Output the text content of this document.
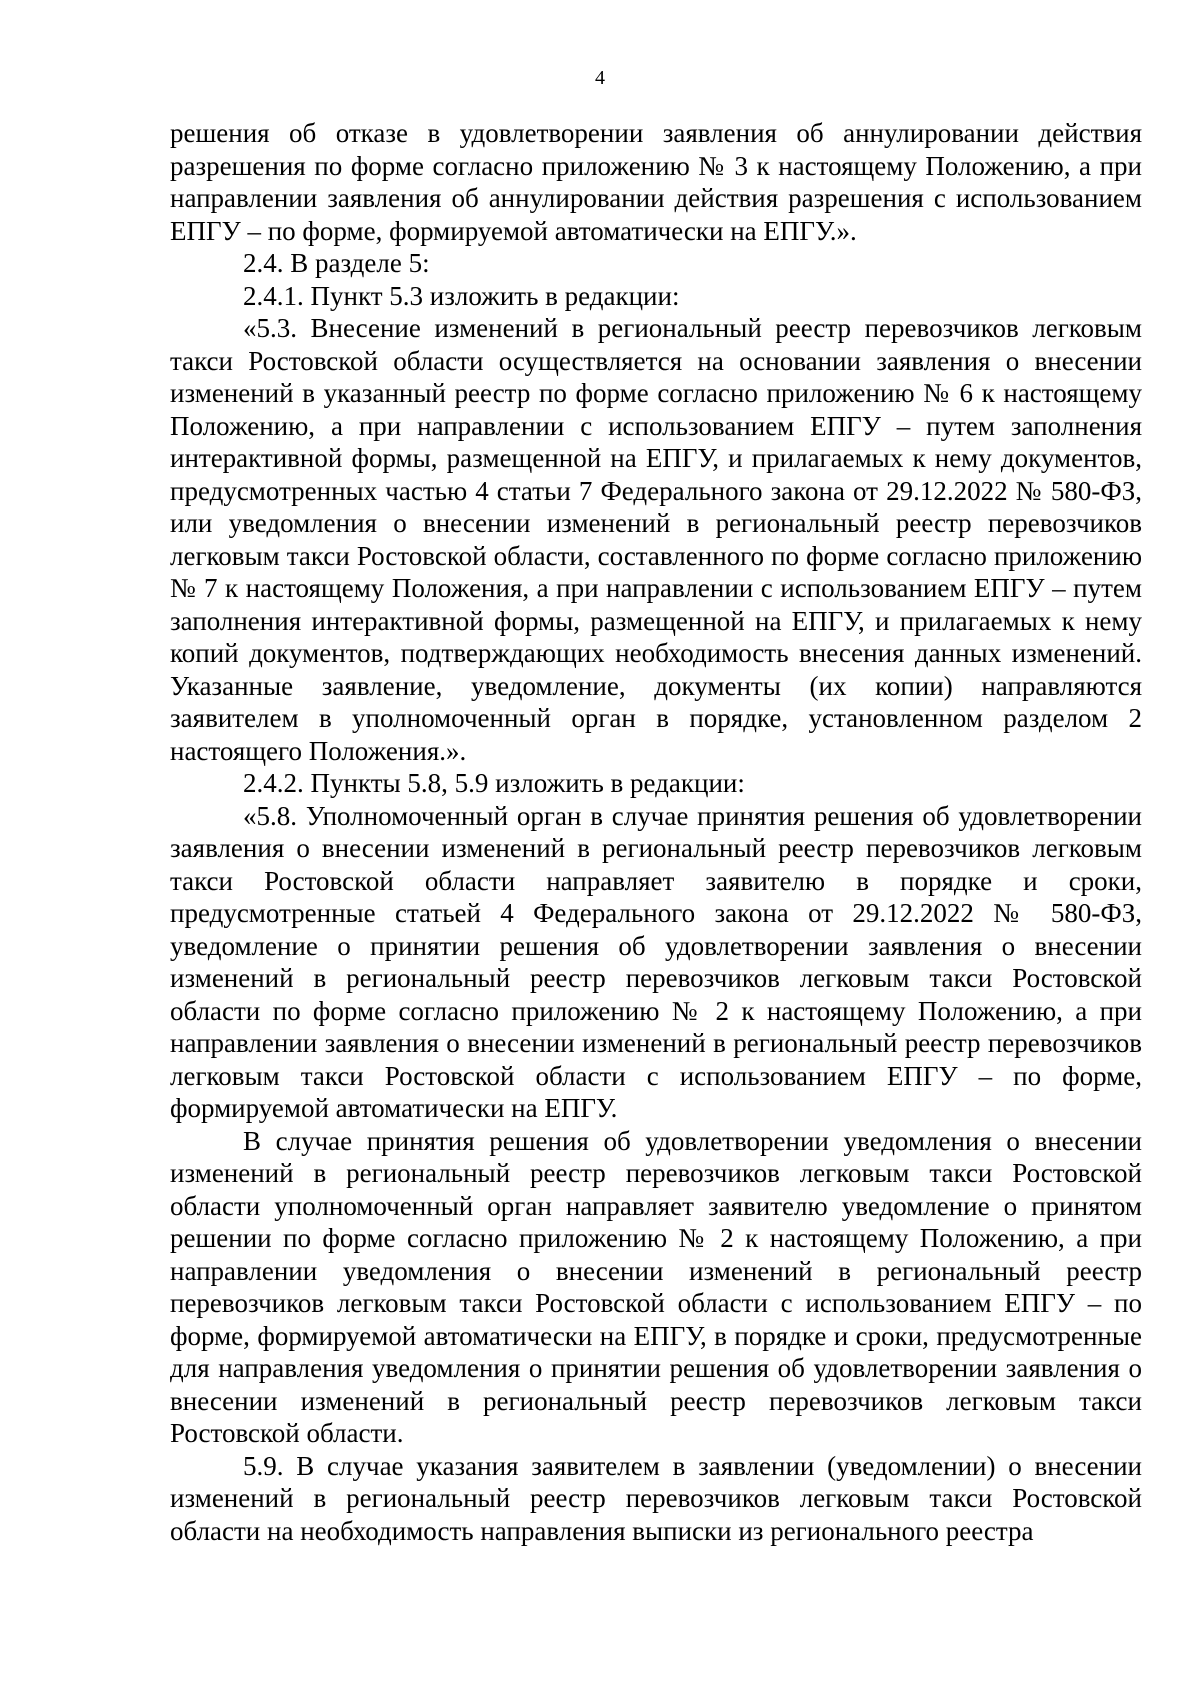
4

решения об отказе в удовлетворении заявления об аннулировании действия разрешения по форме согласно приложению № 3 к настоящему Положению, а при направлении заявления об аннулировании действия разрешения с использованием ЕПГУ – по форме, формируемой автоматически на ЕПГУ.».

2.4. В разделе 5:

2.4.1. Пункт 5.3 изложить в редакции:

«5.3. Внесение изменений в региональный реестр перевозчиков легковым такси Ростовской области осуществляется на основании заявления о внесении изменений в указанный реестр по форме согласно приложению № 6 к настоящему Положению, а при направлении с использованием ЕПГУ – путем заполнения интерактивной формы, размещенной на ЕПГУ, и прилагаемых к нему документов, предусмотренных частью 4 статьи 7 Федерального закона от 29.12.2022 № 580-ФЗ, или уведомления о внесении изменений в региональный реестр перевозчиков легковым такси Ростовской области, составленного по форме согласно приложению № 7 к настоящему Положения, а при направлении с использованием ЕПГУ – путем заполнения интерактивной формы, размещенной на ЕПГУ, и прилагаемых к нему копий документов, подтверждающих необходимость внесения данных изменений. Указанные заявление, уведомление, документы (их копии) направляются заявителем в уполномоченный орган в порядке, установленном разделом 2 настоящего Положения.».

2.4.2. Пункты 5.8, 5.9 изложить в редакции:

«5.8. Уполномоченный орган в случае принятия решения об удовлетворении заявления о внесении изменений в региональный реестр перевозчиков легковым такси Ростовской области направляет заявителю в порядке и сроки, предусмотренные статьей 4 Федерального закона от 29.12.2022 № 580-ФЗ, уведомление о принятии решения об удовлетворении заявления о внесении изменений в региональный реестр перевозчиков легковым такси Ростовской области по форме согласно приложению № 2 к настоящему Положению, а при направлении заявления о внесении изменений в региональный реестр перевозчиков легковым такси Ростовской области с использованием ЕПГУ – по форме, формируемой автоматически на ЕПГУ.

В случае принятия решения об удовлетворении уведомления о внесении изменений в региональный реестр перевозчиков легковым такси Ростовской области уполномоченный орган направляет заявителю уведомление о принятом решении по форме согласно приложению № 2 к настоящему Положению, а при направлении уведомления о внесении изменений в региональный реестр перевозчиков легковым такси Ростовской области с использованием ЕПГУ – по форме, формируемой автоматически на ЕПГУ, в порядке и сроки, предусмотренные для направления уведомления о принятии решения об удовлетворении заявления о внесении изменений в региональный реестр перевозчиков легковым такси Ростовской области.

5.9. В случае указания заявителем в заявлении (уведомлении) о внесении изменений в региональный реестр перевозчиков легковым такси Ростовской области на необходимость направления выписки из регионального реестра
